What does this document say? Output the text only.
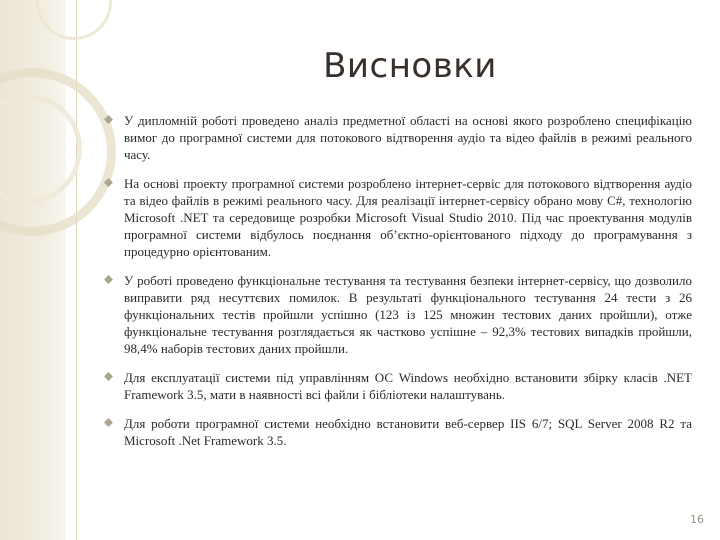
Висновки
У дипломній роботі проведено аналіз предметної області на основі якого розроблено специфікацію вимог до програмної системи для потокового відтворення аудіо та відео файлів в режимі реального часу.
На основі проекту програмної системи розроблено інтернет-сервіс для потокового відтворення аудіо та відео файлів в режимі реального часу. Для реалізації інтернет-сервісу обрано мову C#, технологію Microsoft .NET та середовище розробки Microsoft Visual Studio 2010. Під час проектування модулів програмної системи відбулось поєднання об’єктно-орієнтованого підходу до програмування з процедурно орієнтованим.
У роботі проведено функціональне тестування та тестування безпеки інтернет-сервісу, що дозволило виправити ряд несуттєвих помилок. В результаті функціонального тестування 24 тести з 26 функціональних тестів пройшли успішно (123 із 125 множин тестових даних пройшли), отже функціональне тестування розглядається як частково успішне – 92,3% тестових випадків пройшли, 98,4% наборів тестових даних пройшли.
Для експлуатації системи під управлінням ОС Windows необхідно встановити збірку класів .NET Framework 3.5, мати в наявності всі файли і бібліотеки налаштувань.
Для роботи програмної системи необхідно встановити веб-сервер IIS 6/7; SQL Server 2008 R2 та Microsoft .Net Framework 3.5.
16
